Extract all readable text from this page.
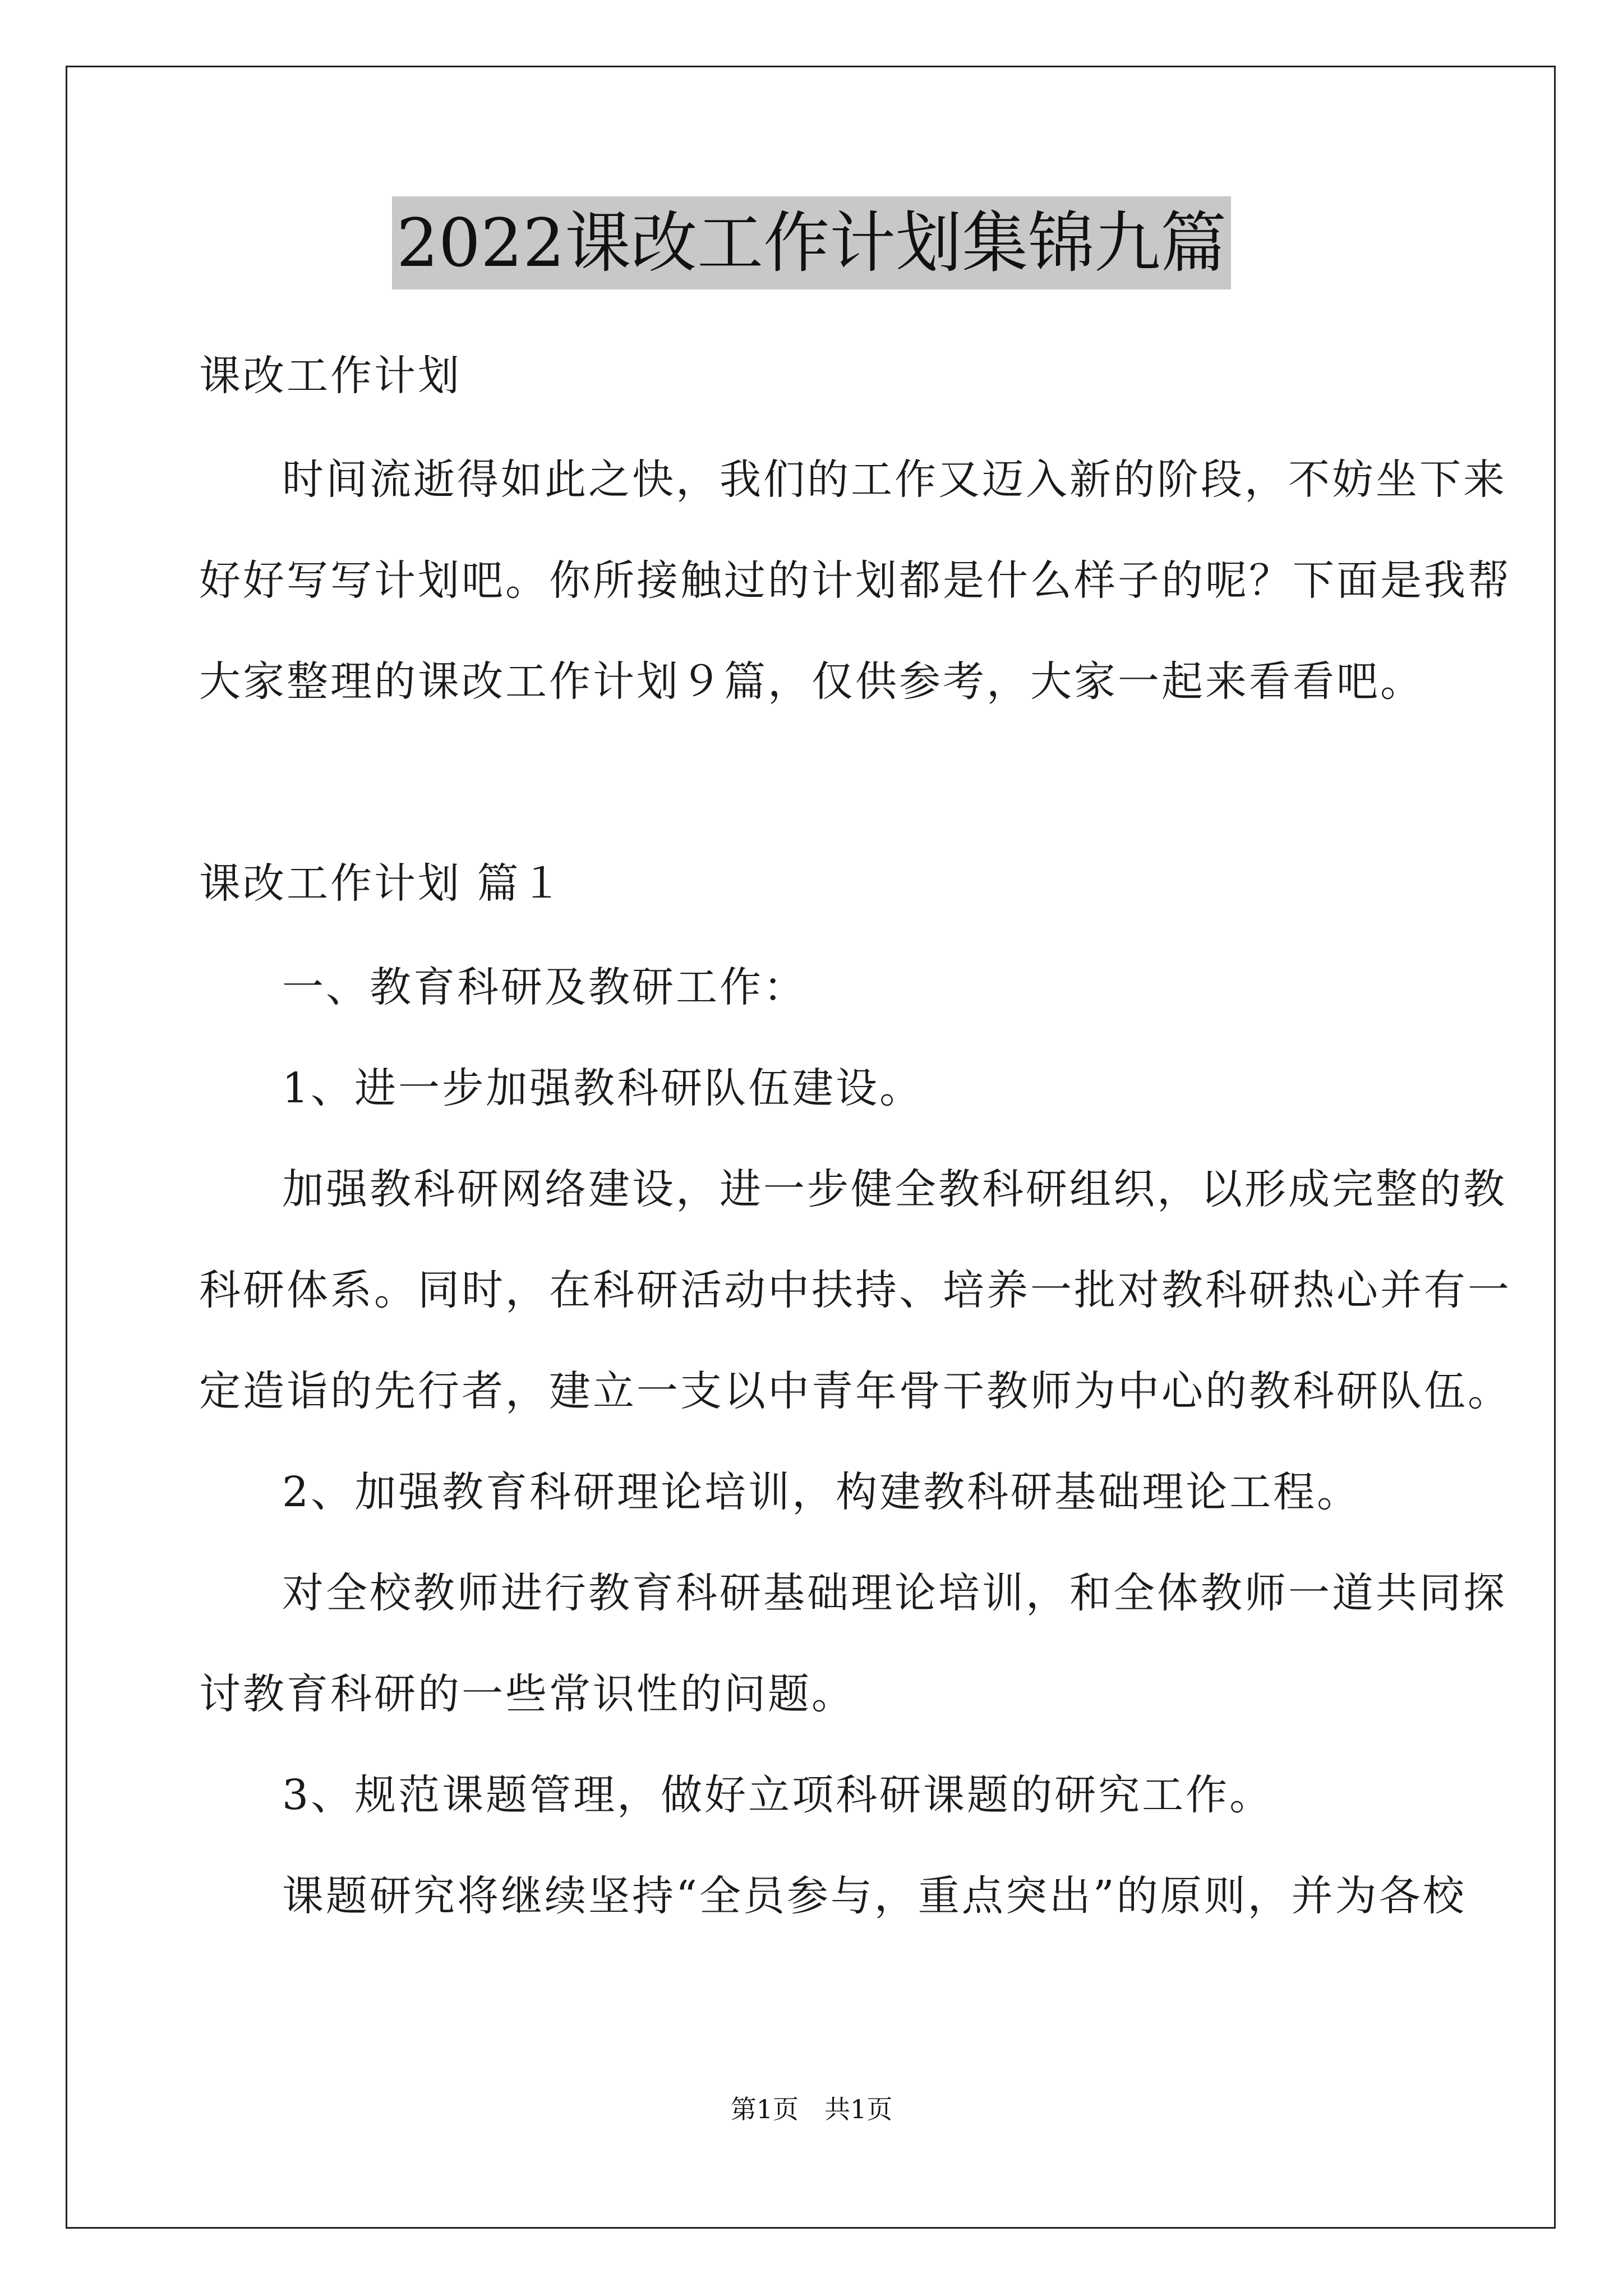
2022课改工作计划集锦九篇
课改工作计划
时间流逝得如此之快，我们的工作又迈入新的阶段，不妨坐下来
好好写写计划吧。你所接触过的计划都是什么样子的呢？下面是我帮
大家整理的课改工作计划９篇，仅供参考，大家一起来看看吧。
课改工作计划 篇１
一、教育科研及教研工作：
1、进一步加强教科研队伍建设。
加强教科研网络建设，进一步健全教科研组织，以形成完整的教
科研体系。同时，在科研活动中扶持、培养一批对教科研热心并有一
定造诣的先行者，建立一支以中青年骨干教师为中心的教科研队伍。
2、加强教育科研理论培训，构建教科研基础理论工程。
对全校教师进行教育科研基础理论培训，和全体教师一道共同探
讨教育科研的一些常识性的问题。
3、规范课题管理，做好立项科研课题的研究工作。
课题研究将继续坚持“全员参与，重点突出”的原则，并为各校
第1页　共1页
